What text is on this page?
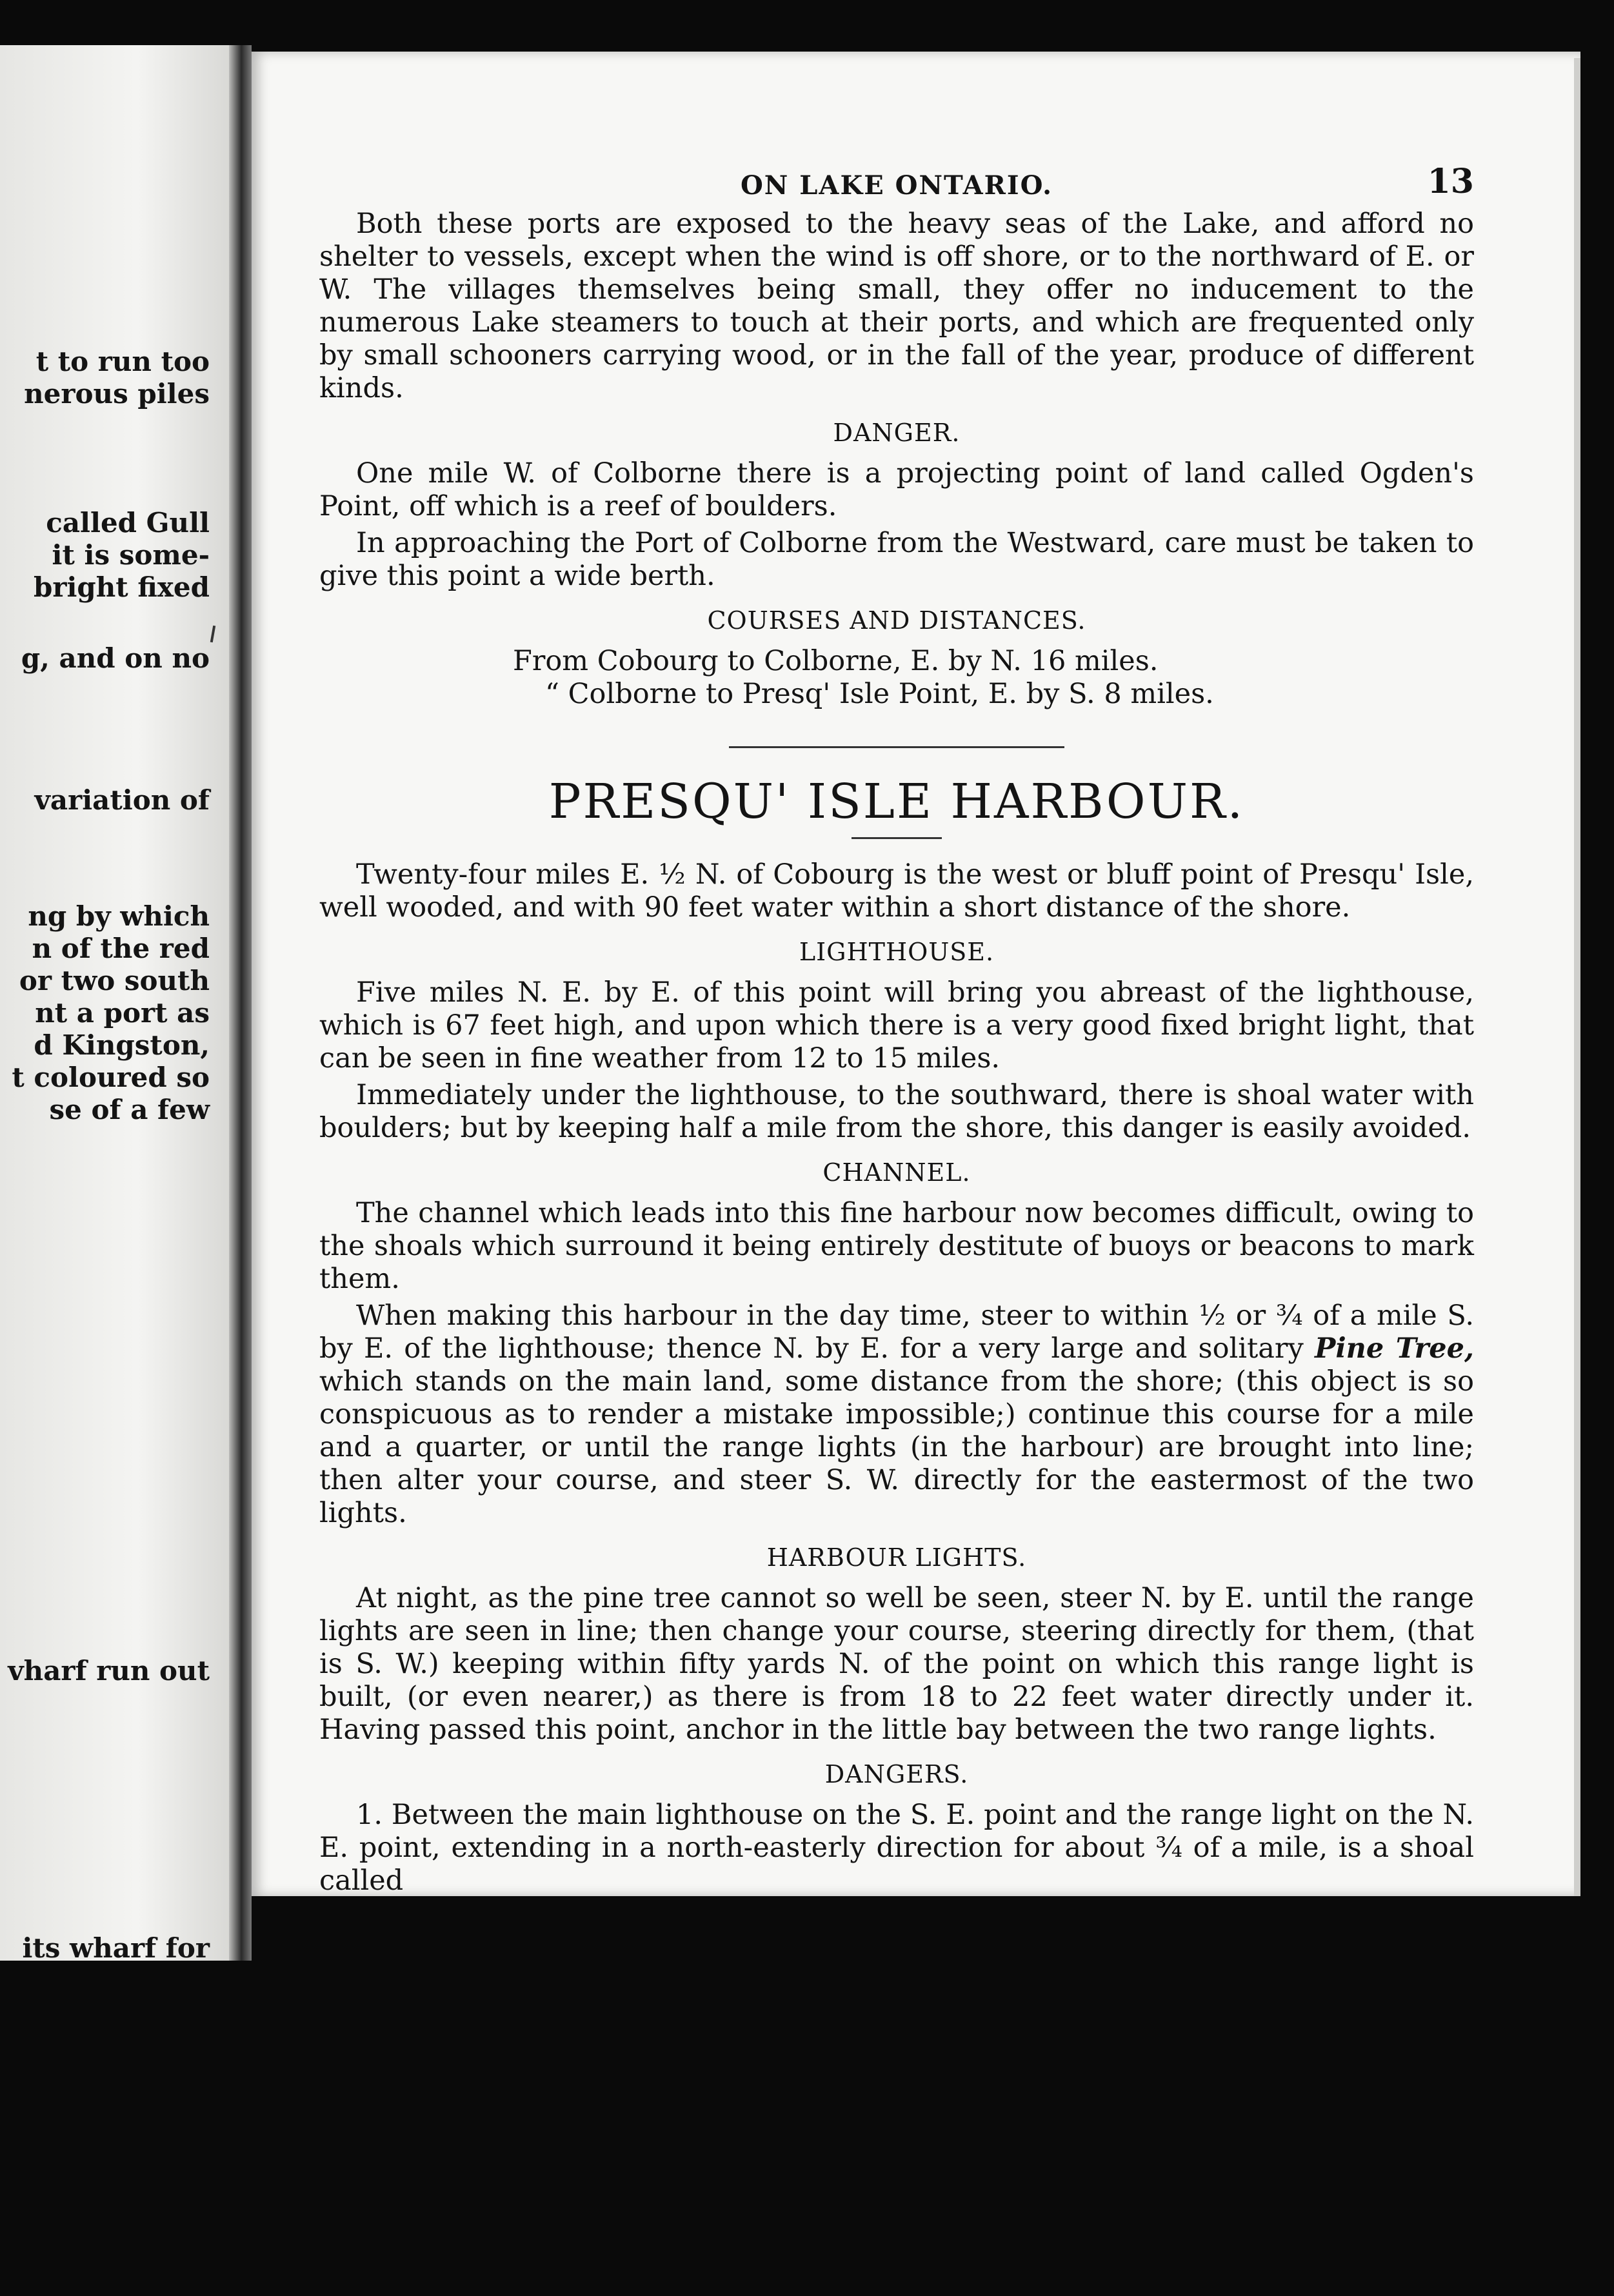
t to run too
nerous piles
called Gull
it is some-
bright fixed
g, and on no
variation of
ng by which
n of the red
or two south
nt a port as
d Kingston,
t coloured so
se of a few
vharf run out
its wharf for
ON LAKE ONTARIO.	13

Both these ports are exposed to the heavy seas of the Lake, and afford no shelter to vessels, except when the wind is off shore, or to the northward of E. or W. The villages themselves being small, they offer no inducement to the numerous Lake steamers to touch at their ports, and which are frequented only by small schooners carrying wood, or in the fall of the year, produce of different kinds.

DANGER.

One mile W. of Colborne there is a projecting point of land called Ogden's Point, off which is a reef of boulders.

In approaching the Port of Colborne from the Westward, care must be taken to give this point a wide berth.

COURSES AND DISTANCES.

From Cobourg to Colborne, E. by N. 16 miles.

“ Colborne to Presq' Isle Point, E. by S. 8 miles.

PRESQU' ISLE HARBOUR.

Twenty-four miles E. ½ N. of Cobourg is the west or bluff point of Presqu' Isle, well wooded, and with 90 feet water within a short distance of the shore.

LIGHTHOUSE.

Five miles N. E. by E. of this point will bring you abreast of the lighthouse, which is 67 feet high, and upon which there is a very good fixed bright light, that can be seen in fine weather from 12 to 15 miles.

Immediately under the lighthouse, to the southward, there is shoal water with boulders; but by keeping half a mile from the shore, this danger is easily avoided.

CHANNEL.

The channel which leads into this fine harbour now becomes difficult, owing to the shoals which surround it being entirely destitute of buoys or beacons to mark them.

When making this harbour in the day time, steer to within ½ or ¾ of a mile S. by E. of the lighthouse; thence N. by E. for a very large and solitary Pine Tree, which stands on the main land, some distance from the shore; (this object is so conspicuous as to render a mistake impossible;) continue this course for a mile and a quarter, or until the range lights (in the harbour) are brought into line; then alter your course, and steer S. W. directly for the eastermost of the two lights.

HARBOUR LIGHTS.

At night, as the pine tree cannot so well be seen, steer N. by E. until the range lights are seen in line; then change your course, steering directly for them, (that is S. W.) keeping within fifty yards N. of the point on which this range light is built, (or even nearer,) as there is from 18 to 22 feet water directly under it. Having passed this point, anchor in the little bay between the two range lights.

DANGERS.

1. Between the main lighthouse on the S. E. point and the range light on the N. E. point, extending in a north-easterly direction for about ¾ of a mile, is a shoal called
